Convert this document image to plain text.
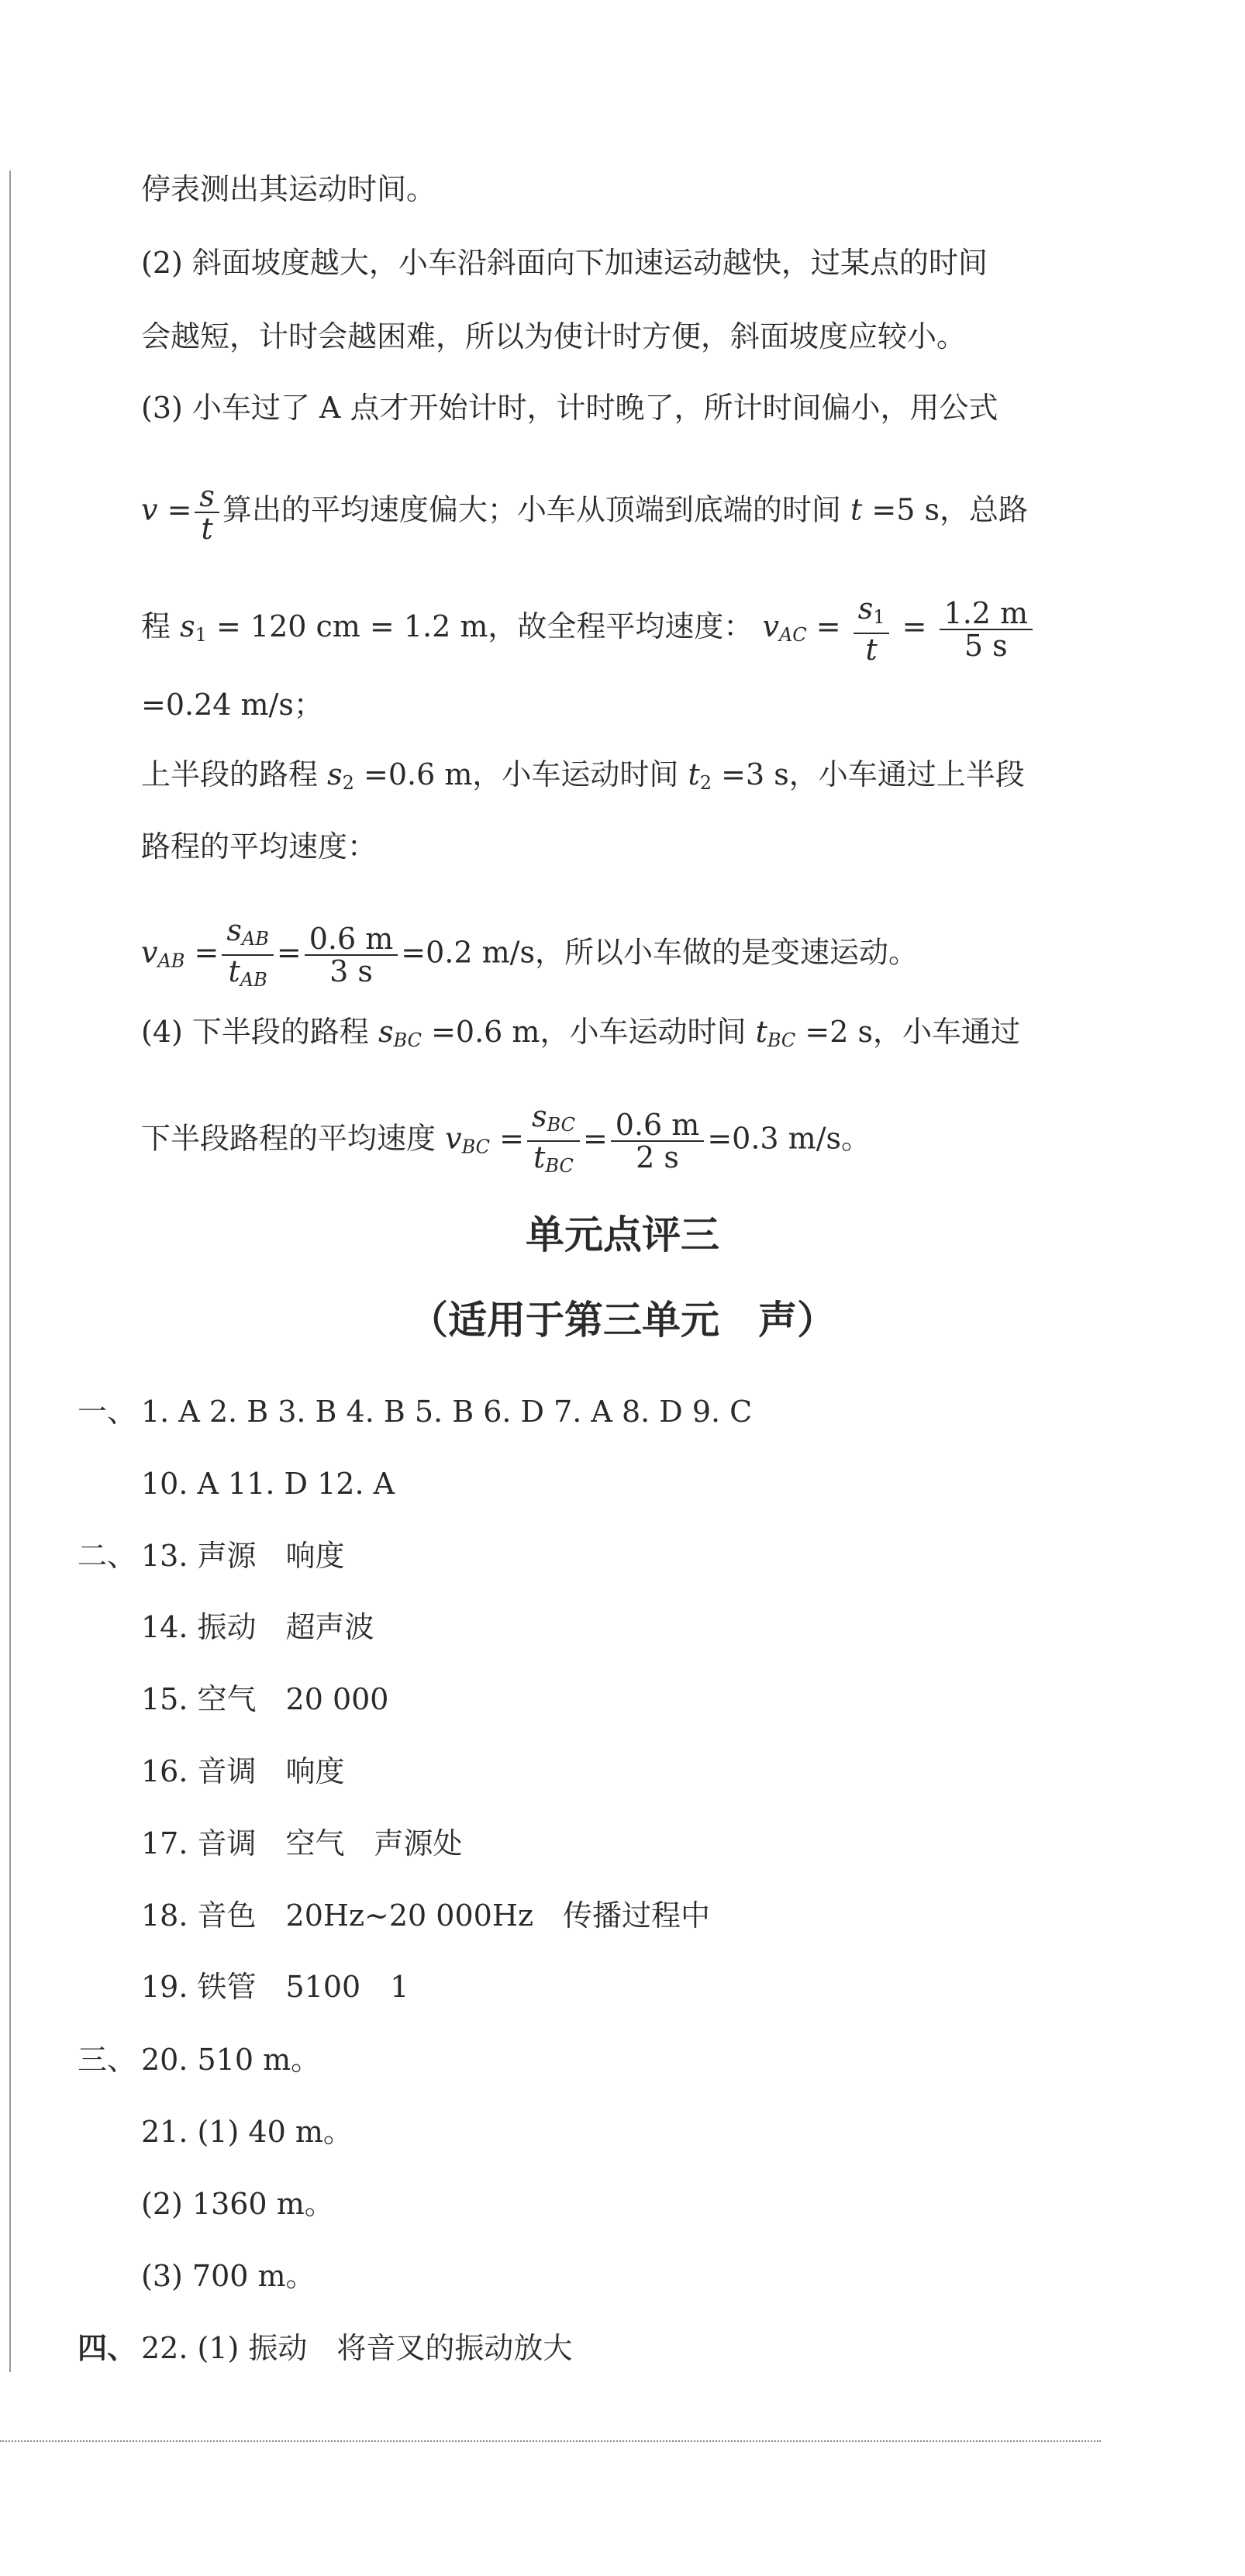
停表测出其运动时间。
(2) 斜面坡度越大，小车沿斜面向下加速运动越快，过某点的时间
会越短，计时会越困难，所以为使计时方便，斜面坡度应较小。
(3) 小车过了 A 点才开始计时，计时晚了，所计时间偏小，用公式
$v = \frac{s}{t}$ 算出的平均速度偏大；小车从顶端到底端的时间 t =5 s，总路
程 $s_1 = 120$ cm = 1.2 m，故全程平均速度： $v_{AC} = \frac{s_1}{t} = \frac{1.2 m}{5 s}$
=0.24 m/s；
上半段的路程 $s_2 =0.6$ m，小车运动时间 $t_2 =3$ s，小车通过上半段
路程的平均速度：
$v_{AB} = \frac{s_{AB}}{t_{AB}} = \frac{0.6 m}{3 s} =0.2$ m/s，所以小车做的是变速运动。
(4) 下半段的路程 $s_{BC} =0.6$ m，小车运动时间 $t_{BC} =2$ s，小车通过
下半段路程的平均速度 $v_{BC} = \frac{s_{BC}}{t_{BC}} = \frac{0.6 m}{2 s} =0.3$ m/s。
单元点评三
（适用于第三单元　声）
一、 1. A 2. B 3. B 4. B 5. B 6. D 7. A 8. D 9. C
10. A 11. D 12. A
二、 13. 声源　响度
14. 振动　超声波
15. 空气　20 000
16. 音调　响度
17. 音调　空气　声源处
18. 音色　20Hz~20 000Hz　传播过程中
19. 铁管　5100　1
三、 20. 510 m。
21. (1) 40 m。
(2) 1360 m。
(3) 700 m。
四、 22. (1) 振动　将音叉的振动放大
